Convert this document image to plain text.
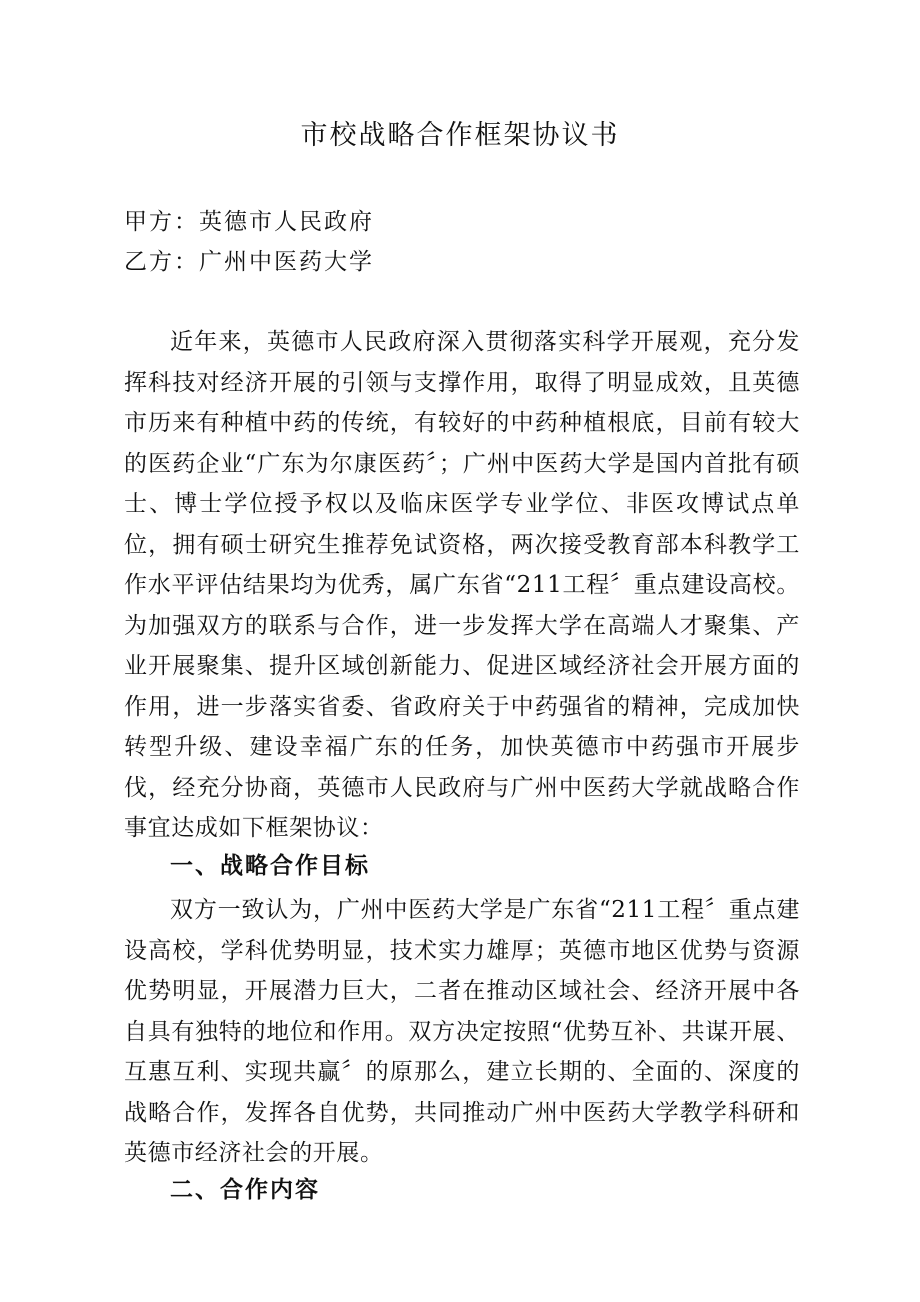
市校战略合作框架协议书
甲方：英德市人民政府
乙方：广州中医药大学

近年来，英德市人民政府深入贯彻落实科学开展观，充分发挥科技对经济开展的引领与支撑作用，取得了明显成效，且英德市历来有种植中药的传统，有较好的中药种植根底，目前有较大的医药企业“广东为尔康医药〞；广州中医药大学是国内首批有硕士、博士学位授予权以及临床医学专业学位、非医攻博试点单位，拥有硕士研究生推荐免试资格，两次接受教育部本科教学工作水平评估结果均为优秀，属广东省“211工程〞重点建设高校。为加强双方的联系与合作，进一步发挥大学在高端人才聚集、产业开展聚集、提升区域创新能力、促进区域经济社会开展方面的作用，进一步落实省委、省政府关于中药强省的精神，完成加快转型升级、建设幸福广东的任务，加快英德市中药强市开展步伐，经充分协商，英德市人民政府与广州中医药大学就战略合作事宜达成如下框架协议：

一、战略合作目标

双方一致认为，广州中医药大学是广东省“211工程〞重点建设高校，学科优势明显，技术实力雄厚；英德市地区优势与资源优势明显，开展潜力巨大，二者在推动区域社会、经济开展中各自具有独特的地位和作用。双方决定按照“优势互补、共谋开展、互惠互利、实现共赢〞的原那么，建立长期的、全面的、深度的战略合作，发挥各自优势，共同推动广州中医药大学教学科研和英德市经济社会的开展。

二、合作内容
